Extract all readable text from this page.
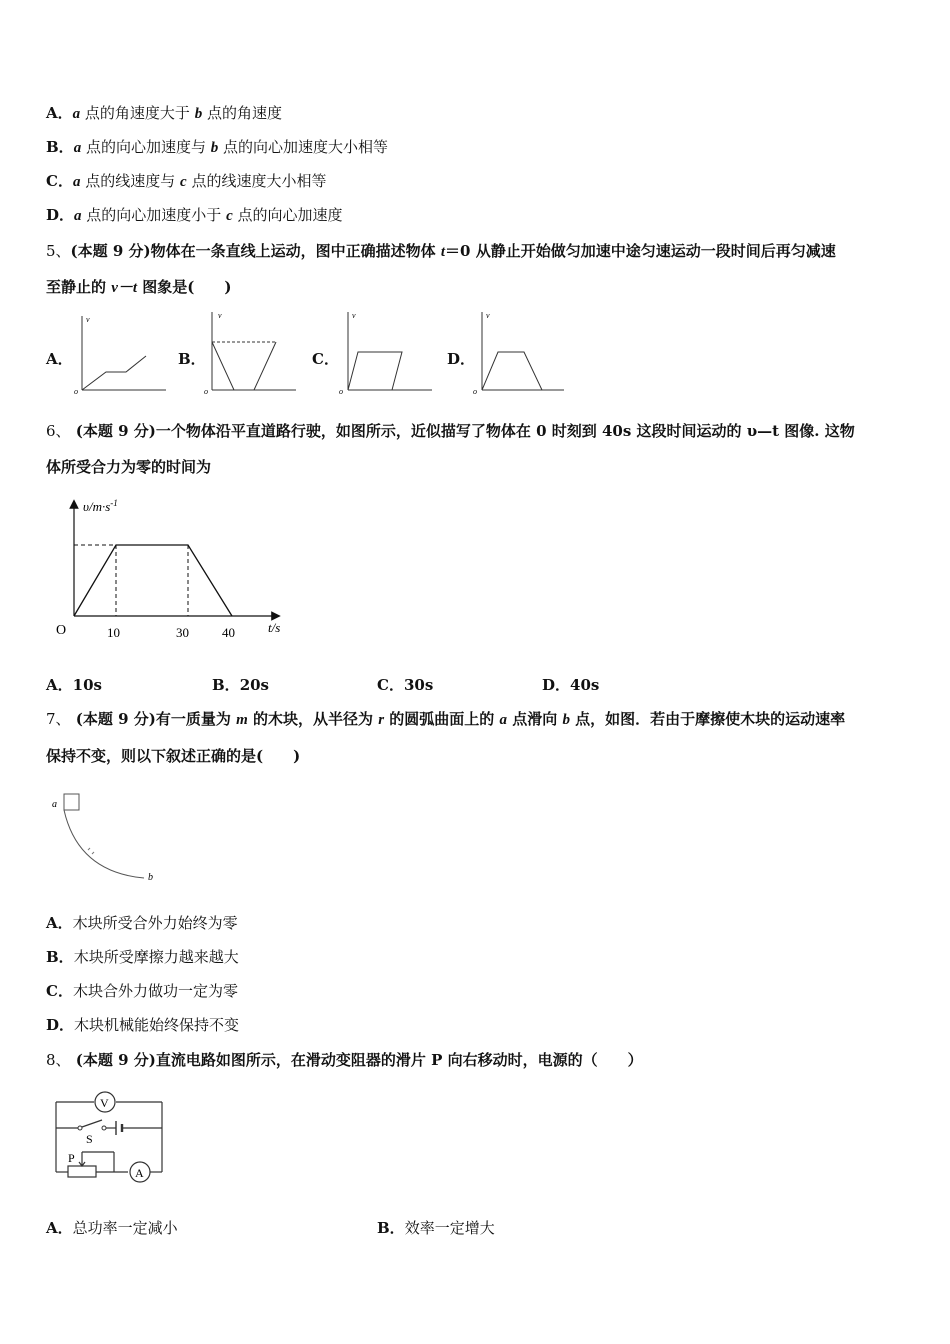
A．a 点的角速度大于 b 点的角速度
B．a 点的向心加速度与 b 点的向心加速度大小相等
C．a 点的线速度与 c 点的线速度大小相等
D．a 点的向心加速度小于 c 点的向心加速度
5、(本题 9 分)物体在一条直线上运动，图中正确描述物体 t＝0 从静止开始做匀加速中途匀速运动一段时间后再匀减速
至静止的 v－t 图象是(　　)
A．	B．	C．	D．
v
o
v
o
v
o
v
o
6、 (本题 9 分)一个物体沿平直道路行驶，如图所示，近似描写了物体在 0 时刻到 40s 这段时间运动的 υ—t 图像. 这物
体所受合力为零的时间为
$\upsilon/m\cdot s^{-1}$
t/s
O	10	30	40
A．10s	B．20s	C．30s	D．40s
7、 (本题 9 分)有一质量为 m 的木块，从半径为 r 的圆弧曲面上的 a 点滑向 b 点，如图．若由于摩擦使木块的运动速率
保持不变，则以下叙述正确的是(　　)
a
b
A．木块所受合外力始终为零
B．木块所受摩擦力越来越大
C．木块合外力做功一定为零
D．木块机械能始终保持不变
8、 (本题 9 分)直流电路如图所示，在滑动变阻器的滑片 P 向右移动时，电源的（　　）
V
S
P
A
A．总功率一定减小	B．效率一定增大
